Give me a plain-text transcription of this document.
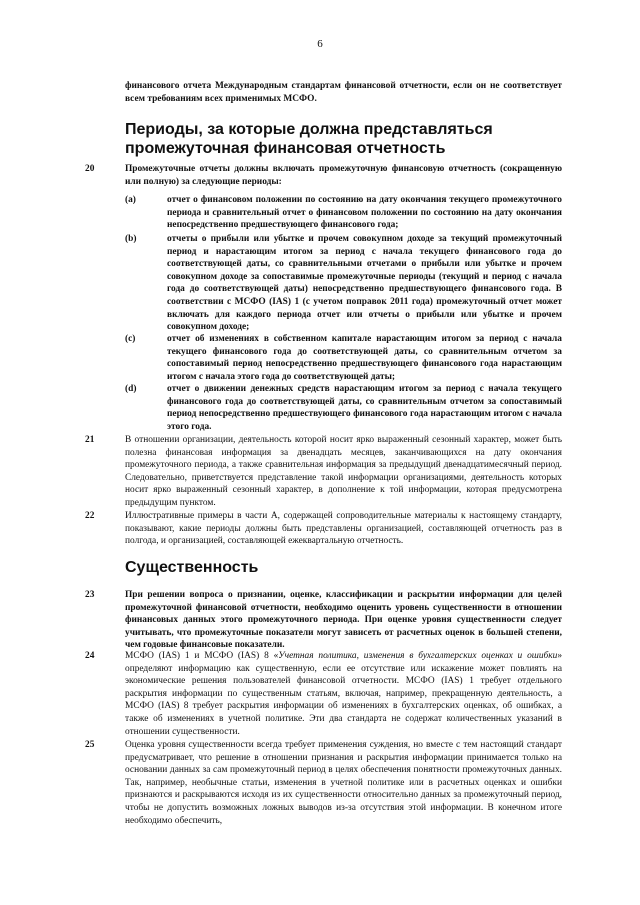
6
финансового отчета Международным стандартам финансовой отчетности, если он не соответствует всем требованиям всех применимых МСФО.
Периоды, за которые должна представляться промежуточная финансовая отчетность
20	Промежуточные отчеты должны включать промежуточную финансовую отчетность (сокращенную или полную) за следующие периоды:
(a)	отчет о финансовом положении по состоянию на дату окончания текущего промежуточного периода и сравнительный отчет о финансовом положении по состоянию на дату окончания непосредственно предшествующего финансового года;
(b)	отчеты о прибыли или убытке и прочем совокупном доходе за текущий промежуточный период и нарастающим итогом за период с начала текущего финансового года до соответствующей даты, со сравнительными отчетами о прибыли или убытке и прочем совокупном доходе за сопоставимые промежуточные периоды (текущий и период с начала года до соответствующей даты) непосредственно предшествующего финансового года. В соответствии с МСФО (IAS) 1 (с учетом поправок 2011 года) промежуточный отчет может включать для каждого периода отчет или отчеты о прибыли или убытке и прочем совокупном доходе;
(c)	отчет об изменениях в собственном капитале нарастающим итогом за период с начала текущего финансового года до соответствующей даты, со сравнительным отчетом за сопоставимый период непосредственно предшествующего финансового года нарастающим итогом с начала этого года до соответствующей даты;
(d)	отчет о движении денежных средств нарастающим итогом за период с начала текущего финансового года до соответствующей даты, со сравнительным отчетом за сопоставимый период непосредственно предшествующего финансового года нарастающим итогом с начала этого года.
21	В отношении организации, деятельность которой носит ярко выраженный сезонный характер, может быть полезна финансовая информация за двенадцать месяцев, заканчивающихся на дату окончания промежуточного периода, а также сравнительная информация за предыдущий двенадцатимесячный период. Следовательно, приветствуется представление такой информации организациями, деятельность которых носит ярко выраженный сезонный характер, в дополнение к той информации, которая предусмотрена предыдущим пунктом.
22	Иллюстративные примеры в части А, содержащей сопроводительные материалы к настоящему стандарту, показывают, какие периоды должны быть представлены организацией, составляющей отчетность раз в полгода, и организацией, составляющей ежеквартальную отчетность.
Существенность
23	При решении вопроса о признании, оценке, классификации и раскрытии информации для целей промежуточной финансовой отчетности, необходимо оценить уровень существенности в отношении финансовых данных этого промежуточного периода. При оценке уровня существенности следует учитывать, что промежуточные показатели могут зависеть от расчетных оценок в большей степени, чем годовые финансовые показатели.
24	МСФО (IAS) 1 и МСФО (IAS) 8 «Учетная политика, изменения в бухгалтерских оценках и ошибки» определяют информацию как существенную, если ее отсутствие или искажение может повлиять на экономические решения пользователей финансовой отчетности. МСФО (IAS) 1 требует отдельного раскрытия информации по существенным статьям, включая, например, прекращенную деятельность, а МСФО (IAS) 8 требует раскрытия информации об изменениях в бухгалтерских оценках, об ошибках, а также об изменениях в учетной политике. Эти два стандарта не содержат количественных указаний в отношении существенности.
25	Оценка уровня существенности всегда требует применения суждения, но вместе с тем настоящий стандарт предусматривает, что решение в отношении признания и раскрытия информации принимается только на основании данных за сам промежуточный период в целях обеспечения понятности промежуточных данных. Так, например, необычные статьи, изменения в учетной политике или в расчетных оценках и ошибки признаются и раскрываются исходя из их существенности относительно данных за промежуточный период, чтобы не допустить возможных ложных выводов из-за отсутствия этой информации. В конечном итоге необходимо обеспечить,
